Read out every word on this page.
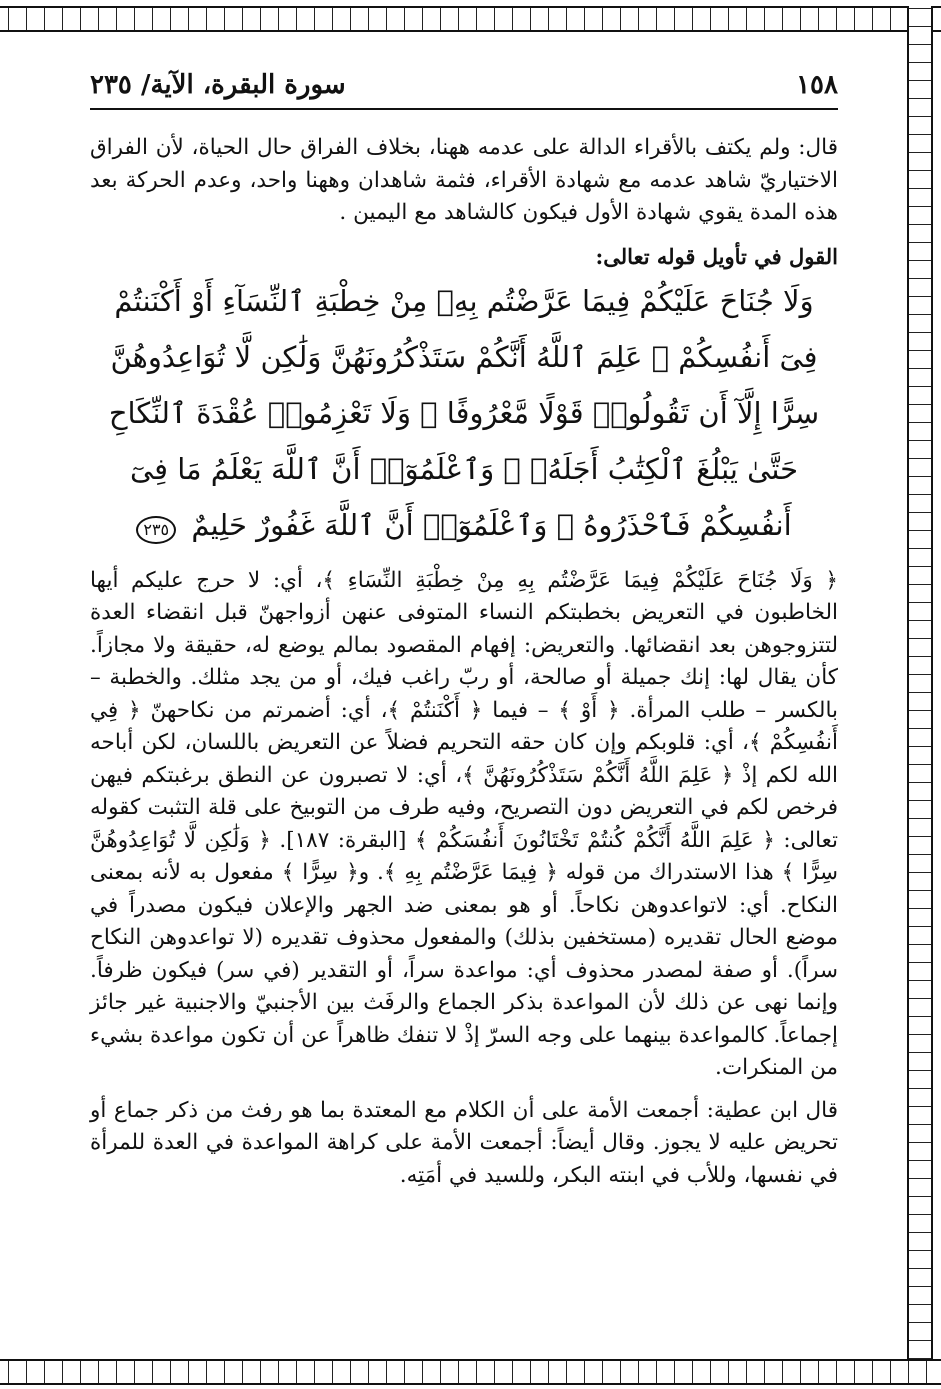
١٥٨
سورة البقرة، الآية/ ٢٣٥

قال: ولم يكتف بالأقراء الدالة على عدمه ههنا، بخلاف الفراق حال الحياة، لأن الفراق الاختياريّ شاهد عدمه مع شهادة الأقراء، فثمة شاهدان وههنا واحد، وعدم الحركة بعد هذه المدة يقوي شهادة الأول فيكون كالشاهد مع اليمين .

القول في تأويل قوله تعالى:
وَلَا جُنَاحَ عَلَيْكُمْ فِيمَا عَرَّضْتُم بِهِۦ مِنْ خِطْبَةِ ٱلنِّسَآءِ أَوْ أَكْنَنتُمْ فِىٓ أَنفُسِكُمْ ۚ عَلِمَ ٱللَّهُ أَنَّكُمْ سَتَذْكُرُونَهُنَّ وَلَٰكِن لَّا تُوَاعِدُوهُنَّ سِرًّا إِلَّآ أَن تَقُولُوا۟ قَوْلًا مَّعْرُوفًا ۚ وَلَا تَعْزِمُوا۟ عُقْدَةَ ٱلنِّكَاحِ حَتَّىٰ يَبْلُغَ ٱلْكِتَٰبُ أَجَلَهُۥ ۚ وَٱعْلَمُوٓا۟ أَنَّ ٱللَّهَ يَعْلَمُ مَا فِىٓ أَنفُسِكُمْ فَٱحْذَرُوهُ ۚ وَٱعْلَمُوٓا۟ أَنَّ ٱللَّهَ غَفُورٌ حَلِيمٌ ٢٣٥

﴿ وَلَا جُنَاحَ عَلَيْكُمْ فِيمَا عَرَّضْتُم بِهِ مِنْ خِطْبَةِ النِّسَاءِ ﴾، أي: لا حرج عليكم أيها الخاطبون في التعريض بخطبتكم النساء المتوفى عنهن أزواجهنّ قبل انقضاء العدة لتتزوجوهن بعد انقضائها. والتعريض: إفهام المقصود بمالم يوضع له، حقيقة ولا مجازاً. كأن يقال لها: إنك جميلة أو صالحة، أو ربّ راغب فيك، أو من يجد مثلك. والخطبة – بالكسر – طلب المرأة. ﴿ أَوْ ﴾ – فيما ﴿ أَكْنَنتُمْ ﴾، أي: أضمرتم من نكاحهنّ ﴿ فِي أَنفُسِكُمْ ﴾، أي: قلوبكم وإن كان حقه التحريم فضلاً عن التعريض باللسان، لكن أباحه الله لكم إذْ ﴿ عَلِمَ اللَّهُ أَنَّكُمْ سَتَذْكُرُونَهُنَّ ﴾، أي: لا تصبرون عن النطق برغبتكم فيهن فرخص لكم في التعريض دون التصريح، وفيه طرف من التوبيخ على قلة التثبت كقوله تعالى: ﴿ عَلِمَ اللَّهُ أَنَّكُمْ كُنتُمْ تَخْتَانُونَ أَنفُسَكُمْ ﴾ [البقرة: ١٨٧]. ﴿ وَلَٰكِن لَّا تُوَاعِدُوهُنَّ سِرًّا ﴾ هذا الاستدراك من قوله ﴿ فِيمَا عَرَّضْتُم بِهِ ﴾. و﴿ سِرًّا ﴾ مفعول به لأنه بمعنى النكاح. أي: لاتواعدوهن نكاحاً. أو هو بمعنى ضد الجهر والإعلان فيكون مصدراً في موضع الحال تقديره (مستخفين بذلك) والمفعول محذوف تقديره (لا تواعدوهن النكاح سراً). أو صفة لمصدر محذوف أي: مواعدة سراً، أو التقدير (في سر) فيكون ظرفاً. وإنما نهى عن ذلك لأن المواعدة بذكر الجماع والرفَث بين الأجنبيّ والاجنبية غير جائز إجماعاً. كالمواعدة بينهما على وجه السرّ إذْ لا تنفك ظاهراً عن أن تكون مواعدة بشيء من المنكرات.

قال ابن عطية: أجمعت الأمة على أن الكلام مع المعتدة بما هو رفث من ذكر جماع أو تحريض عليه لا يجوز. وقال أيضاً: أجمعت الأمة على كراهة المواعدة في العدة للمرأة في نفسها، وللأب في ابنته البكر، وللسيد في أمَتِه.
